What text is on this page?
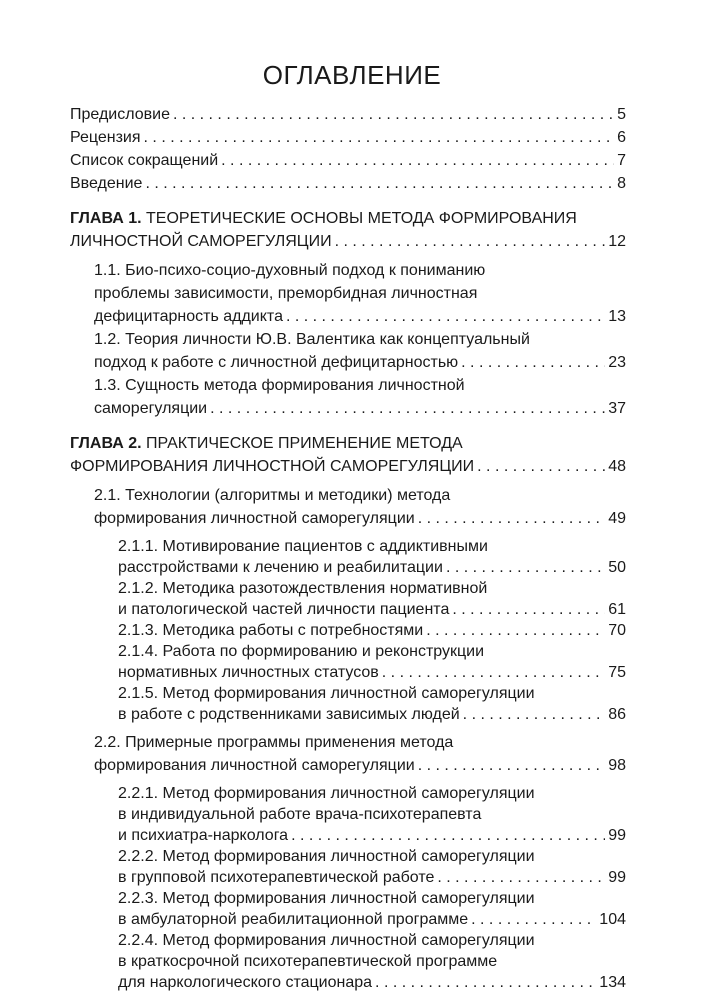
ОГЛАВЛЕНИЕ
Предисловие . . .	5
Рецензия . . .	6
Список сокращений . . .	7
Введение . . .	8
ГЛАВА 1. ТЕОРЕТИЧЕСКИЕ ОСНОВЫ МЕТОДА ФОРМИРОВАНИЯ
ЛИЧНОСТНОЙ САМОРЕГУЛЯЦИИ . . .	12
1.1. Био-психо-социо-духовный подход к пониманию
проблемы зависимости, преморбидная личностная
дефицитарность аддикта . . .	13
1.2. Теория личности Ю.В. Валентика как концептуальный
подход к работе с личностной дефицитарностью . . .	23
1.3. Сущность метода формирования личностной
саморегуляции . . .	37
ГЛАВА 2. ПРАКТИЧЕСКОЕ ПРИМЕНЕНИЕ МЕТОДА
ФОРМИРОВАНИЯ ЛИЧНОСТНОЙ САМОРЕГУЛЯЦИИ . . .	48
2.1. Технологии (алгоритмы и методики) метода
формирования личностной саморегуляции . . .	49
2.1.1. Мотивирование пациентов с аддиктивными
расстройствами к лечению и реабилитации . . .	50
2.1.2. Методика разотождествления нормативной
и патологической частей личности пациента . . .	61
2.1.3. Методика работы с потребностями . . .	70
2.1.4. Работа по формированию и реконструкции
нормативных личностных статусов . . .	75
2.1.5. Метод формирования личностной саморегуляции
в работе с родственниками зависимых людей . . .	86
2.2. Примерные программы применения метода
формирования личностной саморегуляции . . .	98
2.2.1. Метод формирования личностной саморегуляции
в индивидуальной работе врача-психотерапевта
и психиатра-нарколога . . .	99
2.2.2. Метод формирования личностной саморегуляции
в групповой психотерапевтической работе . . .	99
2.2.3. Метод формирования личностной саморегуляции
в амбулаторной реабилитационной программе . . .	104
2.2.4. Метод формирования личностной саморегуляции
в краткосрочной психотерапевтической программе
для наркологического стационара . . .	134
